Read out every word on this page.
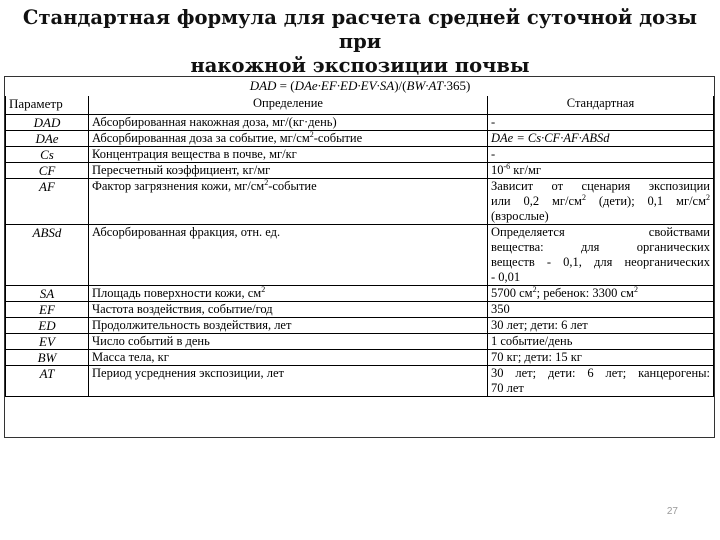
Стандартная формула для расчета средней суточной дозы при
накожной экспозиции почвы
DAD = (DAe·EF·ED·EV·SA)/(BW·AT·365)
Параметр	Определение	Стандартная
DAD	Абсорбированная накожная доза, мг/(кг·день)	-
DAe	Абсорбированная доза за событие, $мг/см^2$-событие	DAe = Cs·CF·AF·ABSd
Cs	Концентрация вещества в почве, мг/кг	-
CF	Пересчетный коэффициент, кг/мг	$10^{-6}$ кг/мг
AF	Фактор загрязнения кожи, $мг/см^2$-событие	Зависит от сценария экспозиции
или 0,2 $мг/см^2$ (дети); 0,1 $мг/см^2$
(взрослые)

ABSd	Абсорбированная фракция, отн. ед.	Определяется свойствами
вещества: для органических
веществ - 0,1, для неорганических
- 0,01

SA	Площадь поверхности кожи, $см^2$	5700 $см^2$; ребенок: 3300 $см^2$
EF	Частота воздействия, событие/год	350
ED	Продолжительность воздействия, лет	30 лет; дети: 6 лет
EV	Число событий в день	1 событие/день
BW	Масса тела, кг	70 кг; дети: 15 кг
AT	Период усреднения экспозиции, лет	30 лет; дети: 6 лет; канцерогены:
70 лет
27
